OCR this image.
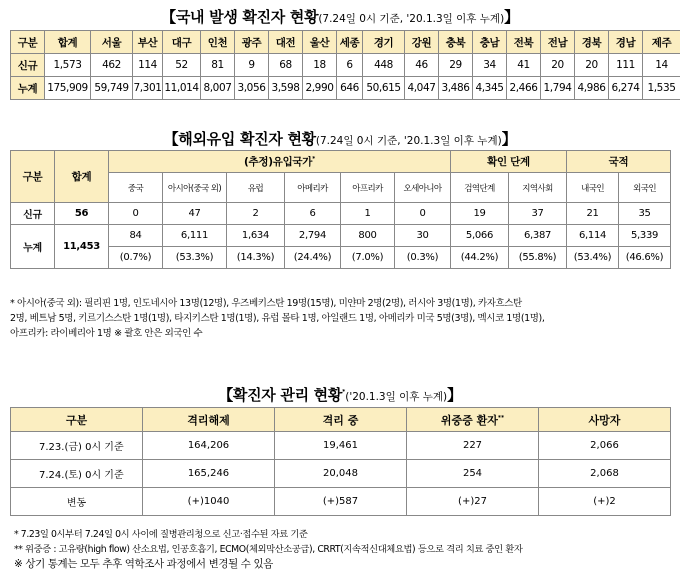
【국내 발생 확진자 현황(7.24일 0시 기준, '20.1.3일 이후 누계)】
구분	합계	서울	부산	대구	인천	광주	대전	울산	세종	경기	강원	충북	충남	전북	전남	경북	경남	제주
신규	1,573	462	114	52	81	9	68	18	6	448	46	29	34	41	20	20	111	14
누계	175,909	59,749	7,301	11,014	8,007	3,056	3,598	2,990	646	50,615	4,047	3,486	4,345	2,466	1,794	4,986	6,274	1,535
【해외유입 확진자 현황(7.24일 0시 기준, '20.1.3일 이후 누계)】
구분	합계	(추정)유입국가*						확인 단계		국적	
		중국	아시아(중국 외)	유럽	아메리카	아프리카	오세아니아	검역단계	지역사회	내국인	외국인
신규	56	0	47	2	6	1	0	19	37	21	35
누계	11,453	84	6,111	1,634	2,794	800	30	5,066	6,387	6,114	5,339
		(0.7%)	(53.3%)	(14.3%)	(24.4%)	(7.0%)	(0.3%)	(44.2%)	(55.8%)	(53.4%)	(46.6%)
* 아시아(중국 외): 필리핀 1명, 인도네시아 13명(12명), 우즈베키스탄 19명(15명), 미얀마 2명(2명), 러시아 3명(1명), 카자흐스탄
2명, 베트남 5명, 키르기스스탄 1명(1명), 타지키스탄 1명(1명), 유럽 몰타 1명, 아일랜드 1명, 아메리카 미국 5명(3명), 멕시코 1명(1명),
아프리카: 라이베리아 1명 ※ 괄호 안은 외국인 수
【확진자 관리 현황*('20.1.3일 이후 누계)】
구분	격리해제	격리 중	위중증 환자**	사망자
7.23.(금) 0시 기준	164,206	19,461	227	2,066
7.24.(토) 0시 기준	165,246	20,048	254	2,068
변동	(+)1040	(+)587	(+)27	(+)2
* 7.23일 0시부터 7.24일 0시 사이에 질병관리청으로 신고·접수된 자료 기준
** 위중증 : 고유량(high flow) 산소요법, 인공호흡기, ECMO(체외막산소공급), CRRT(지속적신대체요법) 등으로 격리 치료 중인 환자
※ 상기 통계는 모두 추후 역학조사 과정에서 변경될 수 있음
